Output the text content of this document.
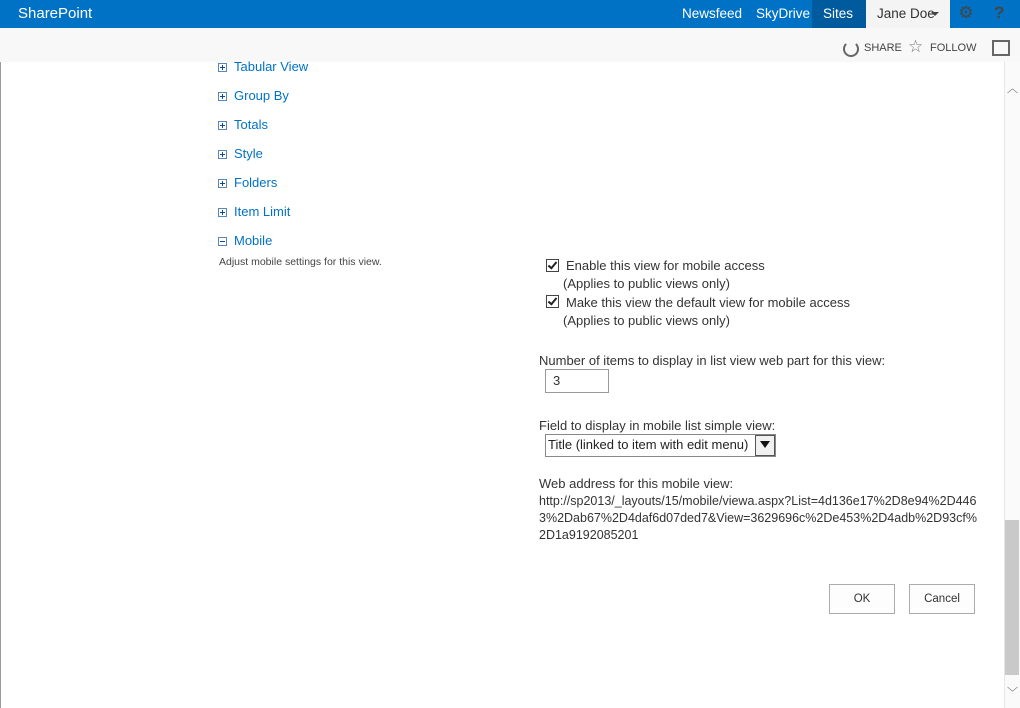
SharePoint	Newsfeed SkyDrive Sites Jane Doe ⚙ ?
SHARE ☆ FOLLOW
Tabular View
Group By
Totals
Style
Folders
Item Limit
Mobile
Adjust mobile settings for this view.	Enable this view for mobile access
(Applies to public views only)
Make this view the default view for mobile access
(Applies to public views only)
Number of items to display in list view web part for this view:
3
Field to display in mobile list simple view:
Title (linked to item with edit menu)
Web address for this mobile view:
http://sp2013/_layouts/15/mobile/viewa.aspx?List=4d136e17%2D8e94%2D4463%2Dab67%2D4daf6d07ded7&View=3629696c%2De453%2D4adb%2D93cf%2D1a9192085201
OK	Cancel
︿
﹀
